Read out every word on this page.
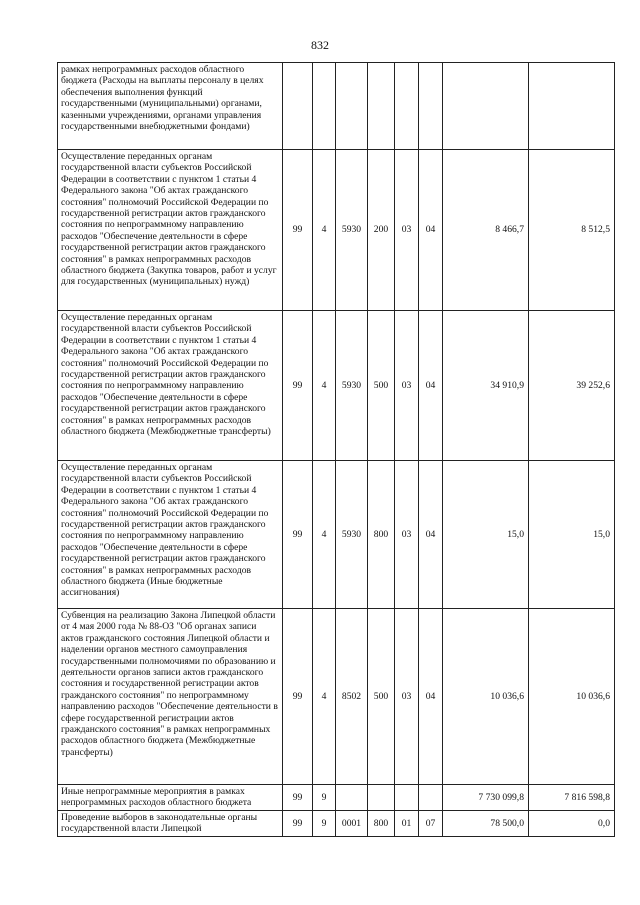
832
рамках непрограммных расходов областного бюджета (Расходы на выплаты персоналу в целях обеспечения выполнения функций государственными (муниципальными) органами, казенными учреждениями, органами управления государственными внебюджетными фондами)								
Осуществление переданных органам государственной власти субъектов Российской Федерации в соответствии с пунктом 1 статьи 4 Федерального закона "Об актах гражданского состояния" полномочий Российской Федерации по государственной регистрации актов гражданского состояния по непрограммному направлению расходов "Обеспечение деятельности в сфере государственной регистрации актов гражданского состояния" в рамках непрограммных расходов областного бюджета (Закупка товаров, работ и услуг для государственных (муниципальных) нужд)	99	4	5930	200	03	04	8 466,7	8 512,5
Осуществление переданных органам государственной власти субъектов Российской Федерации в соответствии с пунктом 1 статьи 4 Федерального закона "Об актах гражданского состояния" полномочий Российской Федерации по государственной регистрации актов гражданского состояния по непрограммному направлению расходов "Обеспечение деятельности в сфере государственной регистрации актов гражданского состояния" в рамках непрограммных расходов областного бюджета (Межбюджетные трансферты)	99	4	5930	500	03	04	34 910,9	39 252,6
Осуществление переданных органам государственной власти субъектов Российской Федерации в соответствии с пунктом 1 статьи 4 Федерального закона "Об актах гражданского состояния" полномочий Российской Федерации по государственной регистрации актов гражданского состояния по непрограммному направлению расходов "Обеспечение деятельности в сфере государственной регистрации актов гражданского состояния" в рамках непрограммных расходов областного бюджета (Иные бюджетные ассигнования)	99	4	5930	800	03	04	15,0	15,0
Субвенция на реализацию Закона Липецкой области от 4 мая 2000 года № 88-ОЗ "Об органах записи актов гражданского состояния Липецкой области и наделении органов местного самоуправления государственными полномочиями по образованию и деятельности органов записи актов гражданского состояния и государственной регистрации актов гражданского состояния" по непрограммному направлению расходов "Обеспечение деятельности в сфере государственной регистрации актов гражданского состояния" в рамках непрограммных расходов областного бюджета (Межбюджетные трансферты)	99	4	8502	500	03	04	10 036,6	10 036,6
Иные непрограммные мероприятия в рамках непрограммных расходов областного бюджета	99	9					7 730 099,8	7 816 598,8
Проведение выборов в законодательные органы государственной власти Липецкой	99	9	0001	800	01	07	78 500,0	0,0
